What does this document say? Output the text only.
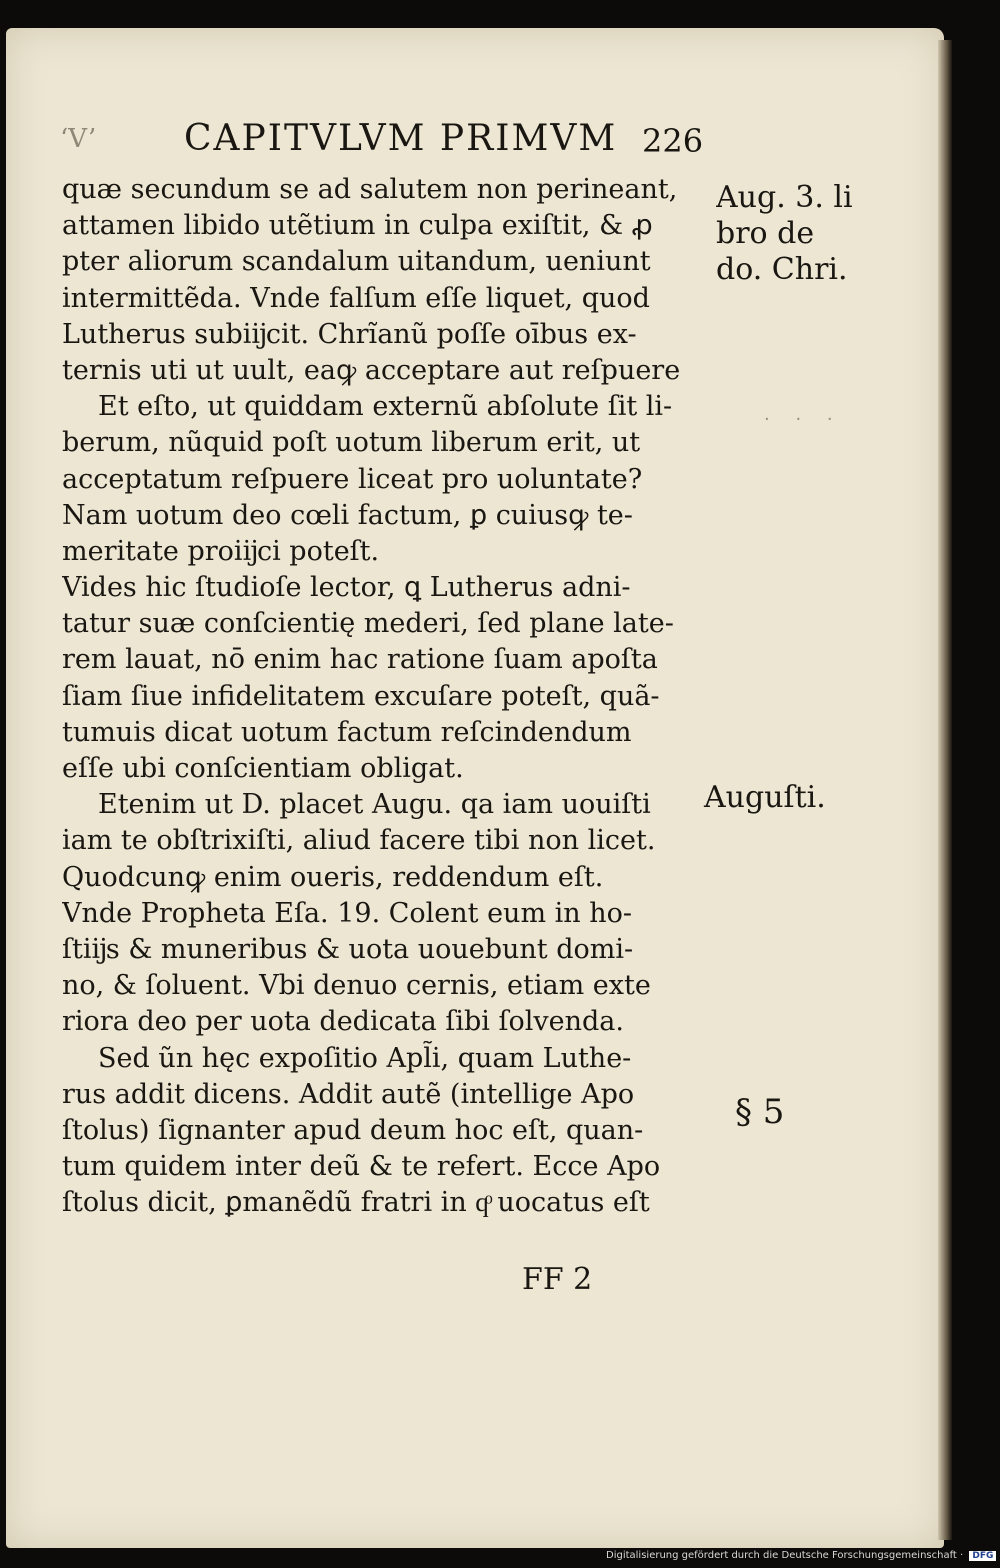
‘V’ CAPITVLVM PRIMVM 226
quæ secundum se ad salutem non perineant,
attamen libido utẽtium in culpa exiſtit, & ꝓ
pter aliorum scandalum uitandum, ueniunt
intermittẽda. Vnde falſum eſſe liquet, quod
Lutherus subiĳcit. Chrĩanũ poſſe oībus ex-
ternis uti ut uult, eaꝙ acceptare aut reſpuere
Et eſto, ut quiddam externũ abſolute ſit li-
berum, nũquid poſt uotum liberum erit, ut
acceptatum reſpuere liceat pro uoluntate?
Nam uotum deo cœli factum, ꝑ cuiusꝙ te-
meritate proiĳci poteſt.
Vides hic ſtudioſe lector, ꝗ Lutherus adni-
tatur suæ conſcientię mederi, ſed plane late-
rem lauat, nō enim hac ratione ſuam apoſta
ſiam ſiue infidelitatem excuſare poteſt, quã-
tumuis dicat uotum factum reſcindendum
eſſe ubi conſcientiam obligat.
Etenim ut D. placet Augu. qa iam uouiſti
iam te obſtrixiſti, aliud facere tibi non licet.
Quodcunꝙ enim oueris, reddendum eſt.
Vnde Propheta Eſa. 19. Colent eum in ho-
ſtiĳs & muneribus & uota uouebunt domi-
no, & ſoluent. Vbi denuo cernis, etiam exte
riora deo per uota dedicata ſibi ſolvenda.
Sed ũn hęc expoſitio Apl̃i, quam Luthe-
rus addit dicens. Addit autẽ (intellige Apo
ſtolus) ſignanter apud deum hoc eſt, quan-
tum quidem inter deũ & te refert. Ecce Apo
ſtolus dicit, ꝑmanẽdũ fratri in qͦ uocatus eſt
Aug. 3. li
bro de
do. Chri.
. . .
Auguſti.
§ 5
FF 2
Digitalisierung gefördert durch die Deutsche Forschungsgemeinschaft · DFG
